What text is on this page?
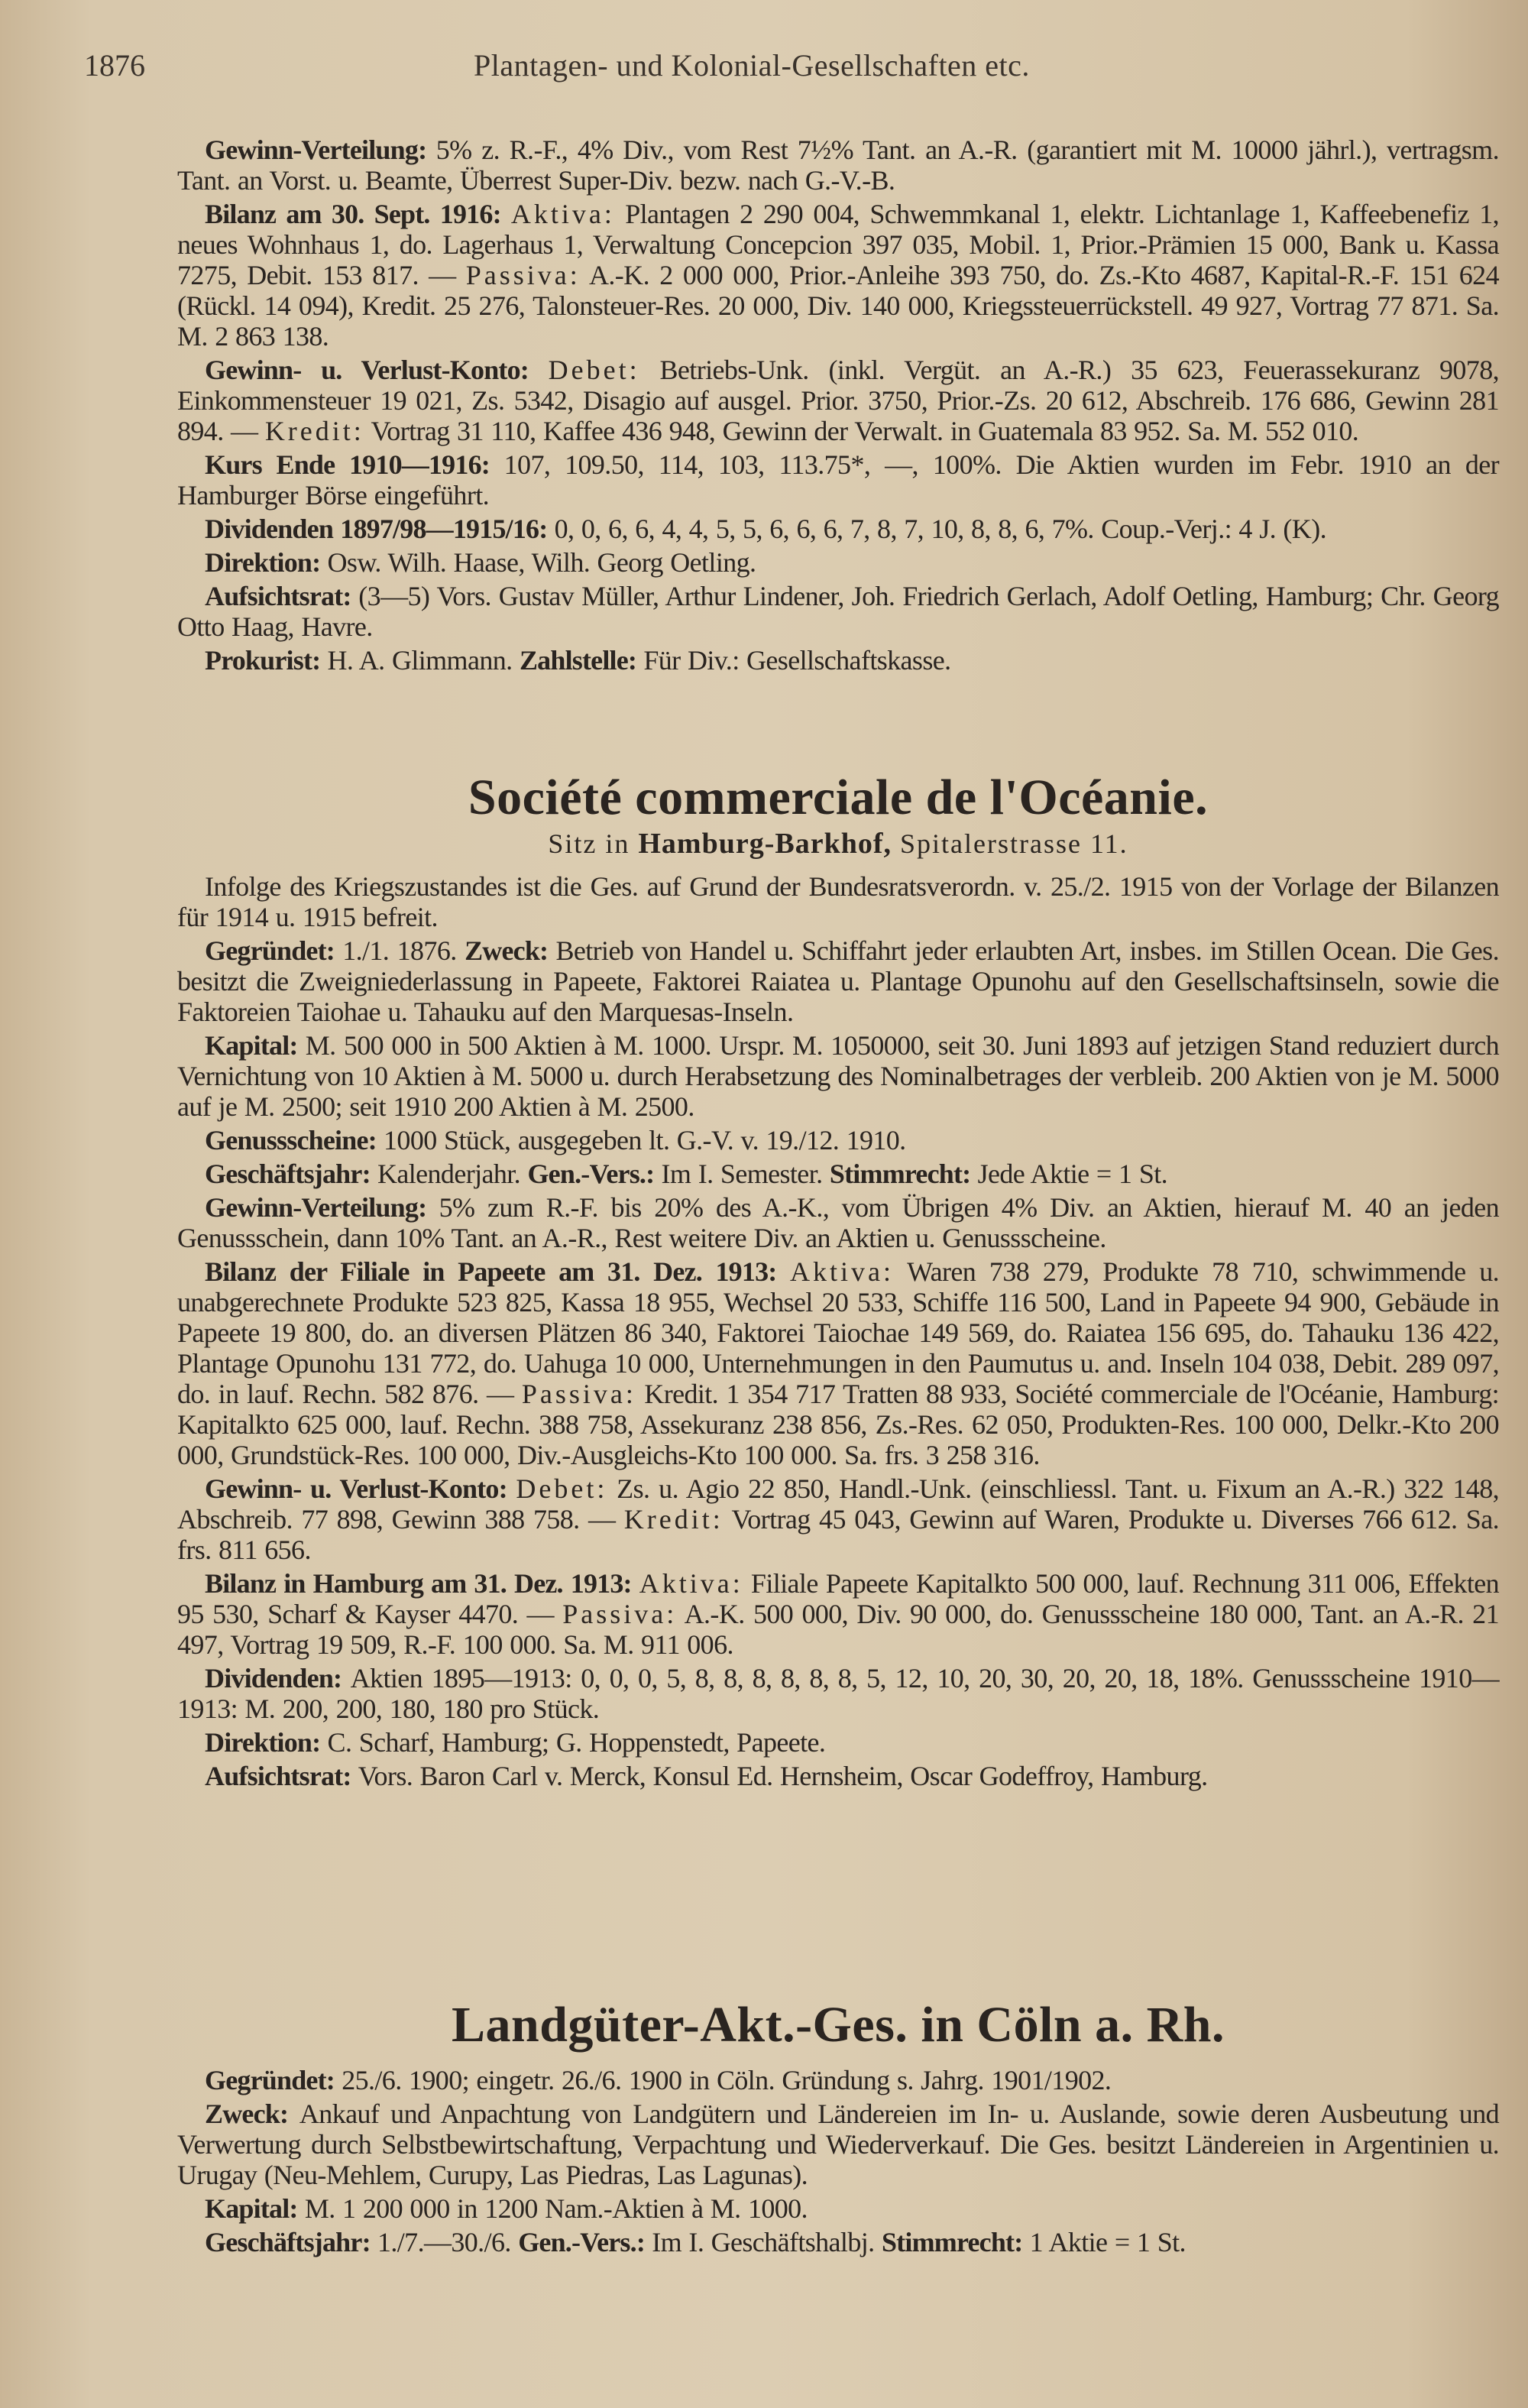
1876	Plantagen- und Kolonial-Gesellschaften etc.

Gewinn-Verteilung: 5% z. R.-F., 4% Div., vom Rest 7½% Tant. an A.-R. (garantiert mit M. 10000 jährl.), vertragsm. Tant. an Vorst. u. Beamte, Überrest Super-Div. bezw. nach G.-V.-B.

Bilanz am 30. Sept. 1916: Aktiva: Plantagen 2 290 004, Schwemmkanal 1, elektr. Lichtanlage 1, Kaffeebenefiz 1, neues Wohnhaus 1, do. Lagerhaus 1, Verwaltung Concepcion 397 035, Mobil. 1, Prior.-Prämien 15 000, Bank u. Kassa 7275, Debit. 153 817. — Passiva: A.-K. 2 000 000, Prior.-Anleihe 393 750, do. Zs.-Kto 4687, Kapital-R.-F. 151 624 (Rückl. 14 094), Kredit. 25 276, Talonsteuer-Res. 20 000, Div. 140 000, Kriegssteuerrückstell. 49 927, Vortrag 77 871. Sa. M. 2 863 138.

Gewinn- u. Verlust-Konto: Debet: Betriebs-Unk. (inkl. Vergüt. an A.-R.) 35 623, Feuerassekuranz 9078, Einkommensteuer 19 021, Zs. 5342, Disagio auf ausgel. Prior. 3750, Prior.-Zs. 20 612, Abschreib. 176 686, Gewinn 281 894. — Kredit: Vortrag 31 110, Kaffee 436 948, Gewinn der Verwalt. in Guatemala 83 952. Sa. M. 552 010.

Kurs Ende 1910—1916: 107, 109.50, 114, 103, 113.75*, —, 100%. Die Aktien wurden im Febr. 1910 an der Hamburger Börse eingeführt.

Dividenden 1897/98—1915/16: 0, 0, 6, 6, 4, 4, 5, 5, 6, 6, 6, 7, 8, 7, 10, 8, 8, 6, 7%. Coup.-Verj.: 4 J. (K).

Direktion: Osw. Wilh. Haase, Wilh. Georg Oetling.

Aufsichtsrat: (3—5) Vors. Gustav Müller, Arthur Lindener, Joh. Friedrich Gerlach, Adolf Oetling, Hamburg; Chr. Georg Otto Haag, Havre.

Prokurist: H. A. Glimmann. Zahlstelle: Für Div.: Gesellschaftskasse.

Société commerciale de l'Océanie.

Sitz in Hamburg-Barkhof, Spitalerstrasse 11.

Infolge des Kriegszustandes ist die Ges. auf Grund der Bundesratsverordn. v. 25./2. 1915 von der Vorlage der Bilanzen für 1914 u. 1915 befreit.

Gegründet: 1./1. 1876. Zweck: Betrieb von Handel u. Schiffahrt jeder erlaubten Art, insbes. im Stillen Ocean. Die Ges. besitzt die Zweigniederlassung in Papeete, Faktorei Raiatea u. Plantage Opunohu auf den Gesellschaftsinseln, sowie die Faktoreien Taiohae u. Tahauku auf den Marquesas-Inseln.

Kapital: M. 500 000 in 500 Aktien à M. 1000. Urspr. M. 1050000, seit 30. Juni 1893 auf jetzigen Stand reduziert durch Vernichtung von 10 Aktien à M. 5000 u. durch Herabsetzung des Nominalbetrages der verbleib. 200 Aktien von je M. 5000 auf je M. 2500; seit 1910 200 Aktien à M. 2500.

Genussscheine: 1000 Stück, ausgegeben lt. G.-V. v. 19./12. 1910.

Geschäftsjahr: Kalenderjahr. Gen.-Vers.: Im I. Semester. Stimmrecht: Jede Aktie = 1 St.

Gewinn-Verteilung: 5% zum R.-F. bis 20% des A.-K., vom Übrigen 4% Div. an Aktien, hierauf M. 40 an jeden Genussschein, dann 10% Tant. an A.-R., Rest weitere Div. an Aktien u. Genussscheine.

Bilanz der Filiale in Papeete am 31. Dez. 1913: Aktiva: Waren 738 279, Produkte 78 710, schwimmende u. unabgerechnete Produkte 523 825, Kassa 18 955, Wechsel 20 533, Schiffe 116 500, Land in Papeete 94 900, Gebäude in Papeete 19 800, do. an diversen Plätzen 86 340, Faktorei Taiochae 149 569, do. Raiatea 156 695, do. Tahauku 136 422, Plantage Opunohu 131 772, do. Uahuga 10 000, Unternehmungen in den Paumutus u. and. Inseln 104 038, Debit. 289 097, do. in lauf. Rechn. 582 876. — Passiva: Kredit. 1 354 717 Tratten 88 933, Société commerciale de l'Océanie, Hamburg: Kapitalkto 625 000, lauf. Rechn. 388 758, Assekuranz 238 856, Zs.-Res. 62 050, Produkten-Res. 100 000, Delkr.-Kto 200 000, Grundstück-Res. 100 000, Div.-Ausgleichs-Kto 100 000. Sa. frs. 3 258 316.

Gewinn- u. Verlust-Konto: Debet: Zs. u. Agio 22 850, Handl.-Unk. (einschliessl. Tant. u. Fixum an A.-R.) 322 148, Abschreib. 77 898, Gewinn 388 758. — Kredit: Vortrag 45 043, Gewinn auf Waren, Produkte u. Diverses 766 612. Sa. frs. 811 656.

Bilanz in Hamburg am 31. Dez. 1913: Aktiva: Filiale Papeete Kapitalkto 500 000, lauf. Rechnung 311 006, Effekten 95 530, Scharf & Kayser 4470. — Passiva: A.-K. 500 000, Div. 90 000, do. Genussscheine 180 000, Tant. an A.-R. 21 497, Vortrag 19 509, R.-F. 100 000. Sa. M. 911 006.

Dividenden: Aktien 1895—1913: 0, 0, 0, 5, 8, 8, 8, 8, 8, 8, 5, 12, 10, 20, 30, 20, 20, 18, 18%. Genussscheine 1910—1913: M. 200, 200, 180, 180 pro Stück.

Direktion: C. Scharf, Hamburg; G. Hoppenstedt, Papeete.

Aufsichtsrat: Vors. Baron Carl v. Merck, Konsul Ed. Hernsheim, Oscar Godeffroy, Hamburg.

Landgüter-Akt.-Ges. in Cöln a. Rh.

Gegründet: 25./6. 1900; eingetr. 26./6. 1900 in Cöln. Gründung s. Jahrg. 1901/1902.

Zweck: Ankauf und Anpachtung von Landgütern und Ländereien im In- u. Auslande, sowie deren Ausbeutung und Verwertung durch Selbstbewirtschaftung, Verpachtung und Wiederverkauf. Die Ges. besitzt Ländereien in Argentinien u. Urugay (Neu-Mehlem, Curupy, Las Piedras, Las Lagunas).

Kapital: M. 1 200 000 in 1200 Nam.-Aktien à M. 1000.

Geschäftsjahr: 1./7.—30./6. Gen.-Vers.: Im I. Geschäftshalbj. Stimmrecht: 1 Aktie = 1 St.
